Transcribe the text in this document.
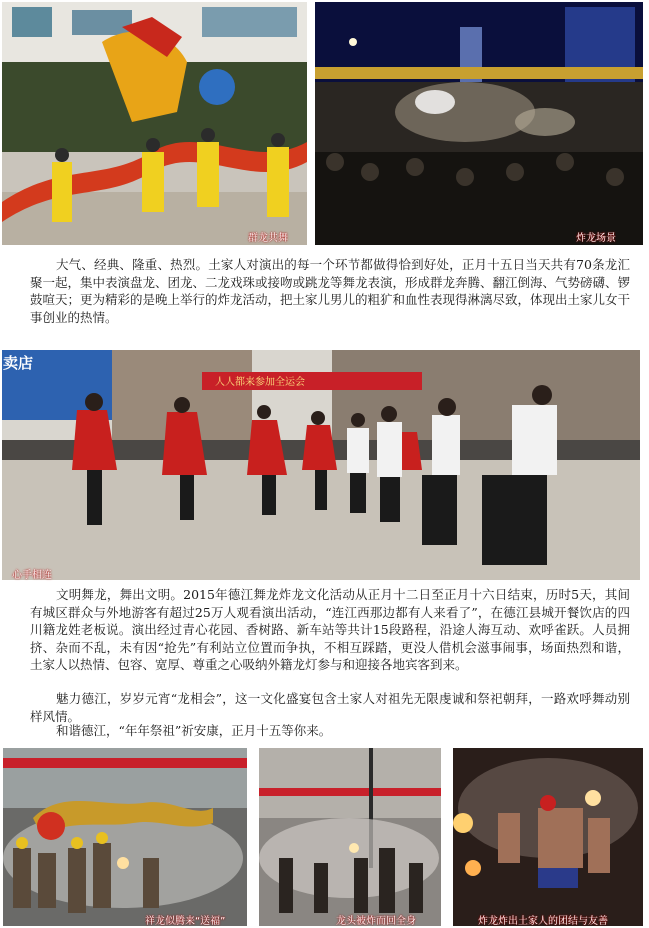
群龙共舞	炸龙场景

大气、经典、隆重、热烈。土家人对演出的每一个环节都做得恰到好处，正月十五日当天共有70条龙汇聚一起，集中表演盘龙、团龙、二龙戏珠或接吻或跳龙等舞龙表演，形成群龙奔腾、翻江倒海、气势磅礴、锣鼓喧天；更为精彩的是晚上举行的炸龙活动，把土家儿男儿的粗犷和血性表现得淋漓尽致，体现出土家儿女干事创业的热情。

卖店
人人都来参加全运会
心手相连

文明舞龙，舞出文明。2015年德江舞龙炸龙文化活动从正月十二日至正月十六日结束，历时5天，其间有城区群众与外地游客有超过25万人观看演出活动，“连江西那边都有人来看了”，在德江县城开餐饮店的四川籍龙姓老板说。演出经过青心花园、香树路、新车站等共计15段路程，沿途人海互动、欢呼雀跃。人员拥挤、杂而不乱，未有因“抢先”有利站立位置而争执，不相互踩踏，更没人借机会滋事闹事，场面热烈和谐，土家人以热情、包容、宽厚、尊重之心吸纳外籍龙灯参与和迎接各地宾客到来。

魅力德江，岁岁元宵“龙相会”，这一文化盛宴包含土家人对祖先无限虔诚和祭祀朝拜，一路欢呼舞动别样风情。

和谐德江，“年年祭祖”祈安康，正月十五等你来。

祥龙似腾来“送福”	龙头被炸而回全身	炸龙炸出土家人的团结与友善
